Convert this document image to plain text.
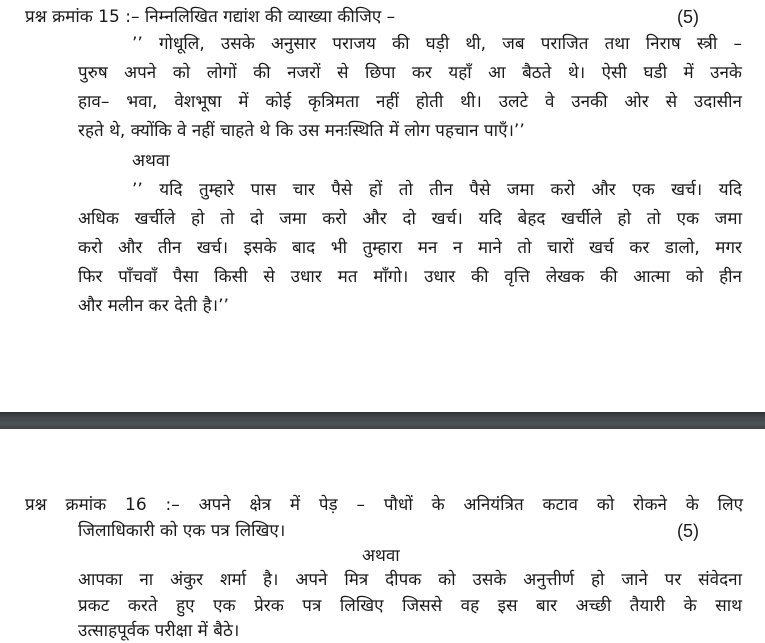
प्रश्न क्रमांक 15 :– निम्नलिखित गद्यांश की व्याख्या कीजिए –	(5)
’’ गोधूलि, उसके अनुसार पराजय की घड़ी थी, जब पराजित तथा निराष स्त्री –
पुरुष अपने को लोगों की नजरों से छिपा कर यहाँ आ बैठते थे। ऐसी घडी में उनके
हाव– भवा, वेशभूषा में कोई कृत्रिमता नहीं होती थी। उलटे वे उनकी ओर से उदासीन
रहते थे, क्योंकि वे नहीं चाहते थे कि उस मनःस्थिति में लोग पहचान पाएँ।’’
अथवा
’’ यदि तुम्हारे पास चार पैसे हों तो तीन पैसे जमा करो और एक खर्च। यदि
अधिक खर्चीले हो तो दो जमा करो और दो खर्च। यदि बेहद खर्चीले हो तो एक जमा
करो और तीन खर्च। इसके बाद भी तुम्हारा मन न माने तो चारों खर्च कर डालो, मगर
फिर पाँचवाँ पैसा किसी से उधार मत माँगो। उधार की वृत्ति लेखक की आत्मा को हीन
और मलीन कर देती है।’’
प्रश्न क्रमांक 16 :– अपने क्षेत्र में पेड़ – पौधों के अनियंत्रित कटाव को रोकने के लिए
जिलाधिकारी को एक पत्र लिखिए।	(5)
अथवा
आपका ना अंकुर शर्मा है। अपने मित्र दीपक को उसके अनुत्तीर्ण हो जाने पर संवेदना
प्रकट करते हुए एक प्रेरक पत्र लिखिए जिससे वह इस बार अच्छी तैयारी के साथ
उत्साहपूर्वक परीक्षा में बैठे।
